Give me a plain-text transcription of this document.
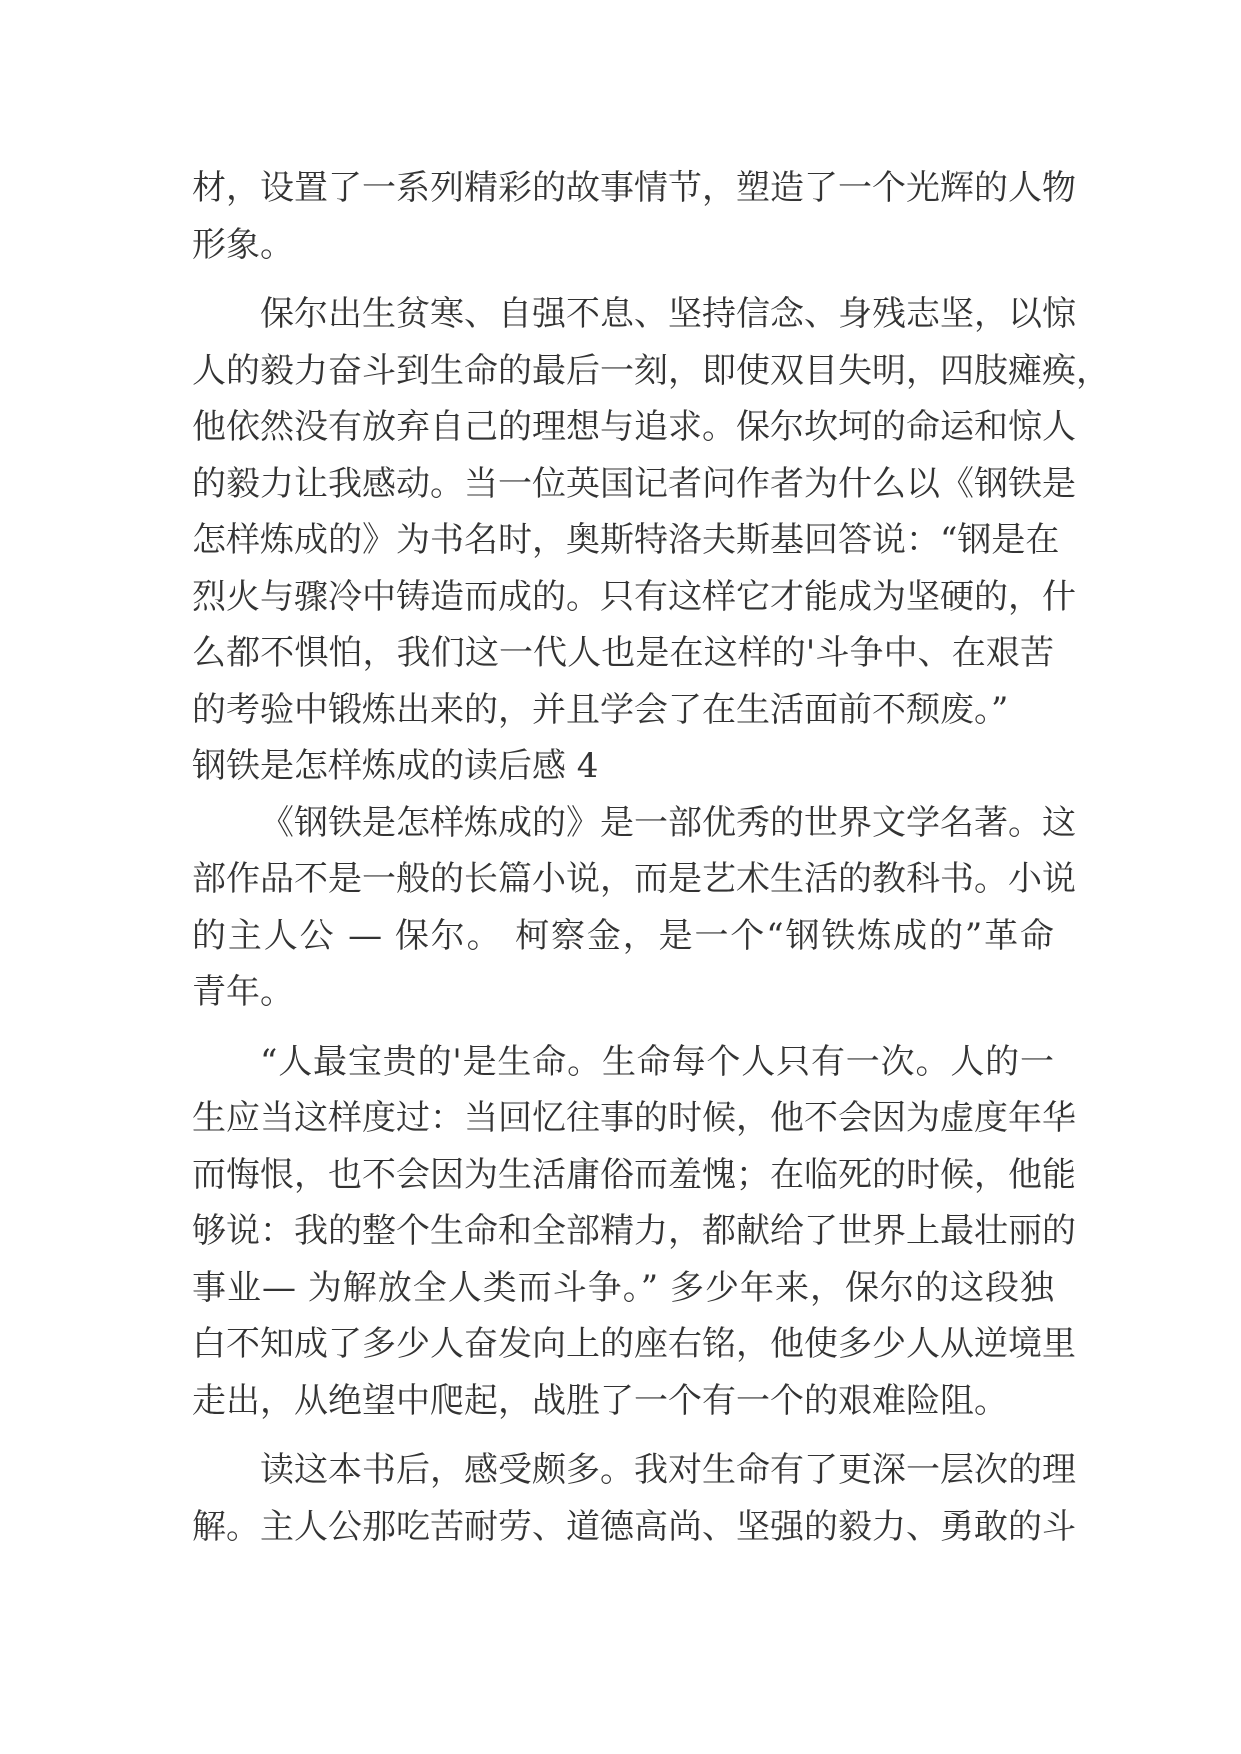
材，设置了一系列精彩的故事情节，塑造了一个光辉的人物
形象。
保尔出生贫寒、自强不息、坚持信念、身残志坚，以惊
人的毅力奋斗到生命的最后一刻，即使双目失明，四肢瘫痪，
他依然没有放弃自己的理想与追求。保尔坎坷的命运和惊人
的毅力让我感动。当一位英国记者问作者为什么以《钢铁是
怎样炼成的》为书名时，奥斯特洛夫斯基回答说：“钢是在
烈火与骤冷中铸造而成的。只有这样它才能成为坚硬的，什
么都不惧怕，我们这一代人也是在这样的'斗争中、在艰苦
的考验中锻炼出来的，并且学会了在生活面前不颓废。”
钢铁是怎样炼成的读后感 4
《钢铁是怎样炼成的》是一部优秀的世界文学名著。这
部作品不是一般的长篇小说，而是艺术生活的教科书。小说
的主人公 — 保尔。 柯察金，是一个“钢铁炼成的”革命
青年。
“人最宝贵的'是生命。生命每个人只有一次。人的一
生应当这样度过：当回忆往事的时候，他不会因为虚度年华
而悔恨，也不会因为生活庸俗而羞愧；在临死的时候，他能
够说：我的整个生命和全部精力，都献给了世界上最壮丽的
事业— 为解放全人类而斗争。” 多少年来，保尔的这段独
白不知成了多少人奋发向上的座右铭，他使多少人从逆境里
走出，从绝望中爬起，战胜了一个有一个的艰难险阻。
读这本书后，感受颇多。我对生命有了更深一层次的理
解。主人公那吃苦耐劳、道德高尚、坚强的毅力、勇敢的斗
